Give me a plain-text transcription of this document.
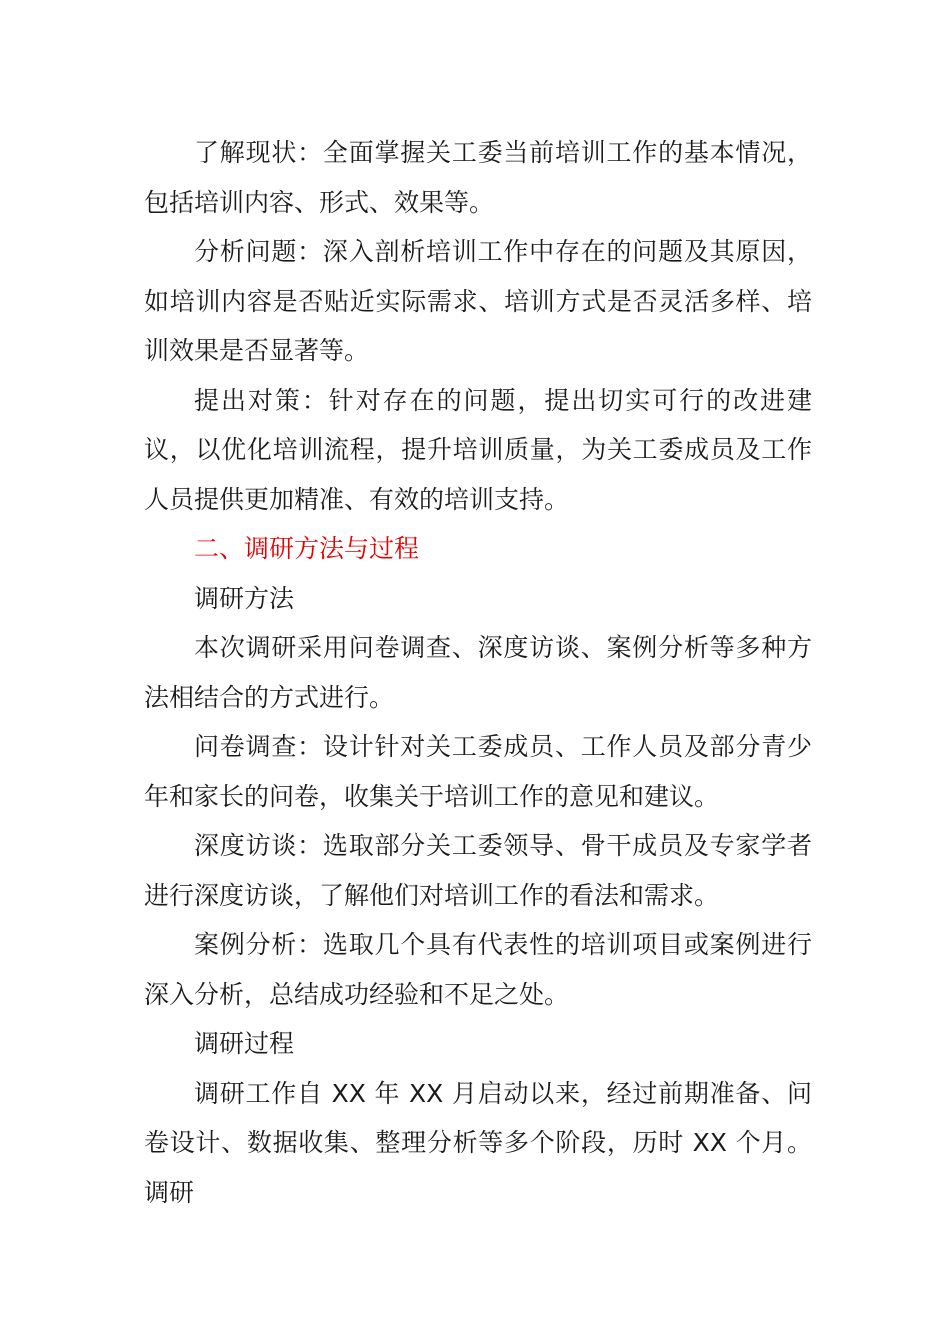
了解现状：全面掌握关工委当前培训工作的基本情况，包括培训内容、形式、效果等。

分析问题：深入剖析培训工作中存在的问题及其原因，如培训内容是否贴近实际需求、培训方式是否灵活多样、培训效果是否显著等。

提出对策：针对存在的问题，提出切实可行的改进建议，以优化培训流程，提升培训质量，为关工委成员及工作人员提供更加精准、有效的培训支持。

二、调研方法与过程

调研方法

本次调研采用问卷调查、深度访谈、案例分析等多种方法相结合的方式进行。

问卷调查：设计针对关工委成员、工作人员及部分青少年和家长的问卷，收集关于培训工作的意见和建议。

深度访谈：选取部分关工委领导、骨干成员及专家学者进行深度访谈，了解他们对培训工作的看法和需求。

案例分析：选取几个具有代表性的培训项目或案例进行深入分析，总结成功经验和不足之处。

调研过程

调研工作自 XX 年 XX 月启动以来，经过前期准备、问卷设计、数据收集、整理分析等多个阶段，历时 XX 个月。调研
